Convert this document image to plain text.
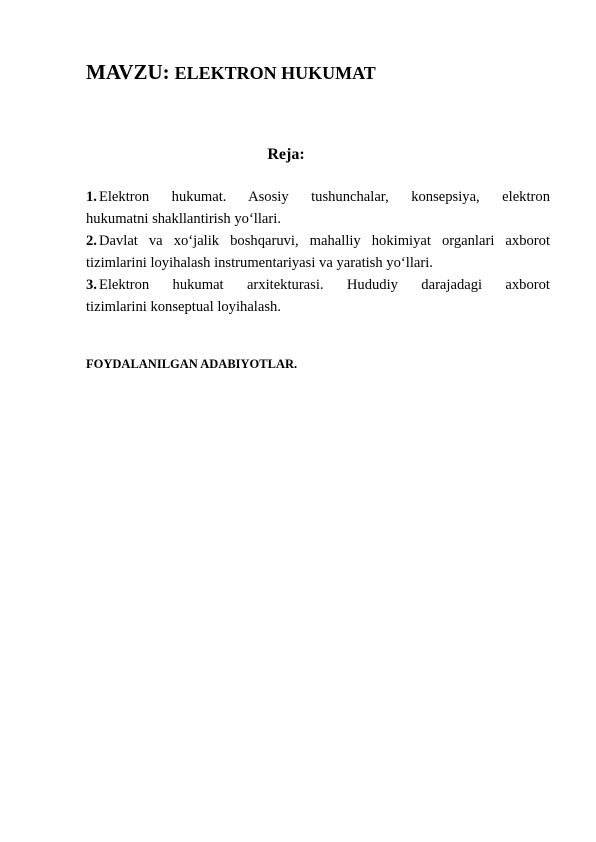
MAVZU: ELEKTRON HUKUMAT
Reja:
1. Elektron hukumat. Asosiy tushunchalar, konsepsiya, elektron
hukumatni shakllantirish yo‘llari.
2. Davlat va xo‘jalik boshqaruvi, mahalliy hokimiyat organlari axborot
tizimlarini loyihalash instrumentariyasi va yaratish yo‘llari.
3. Elektron hukumat arxitekturasi. Hududiy darajadagi axborot
tizimlarini konseptual loyihalash.
FOYDALANILGAN ADABIYOTLAR.
